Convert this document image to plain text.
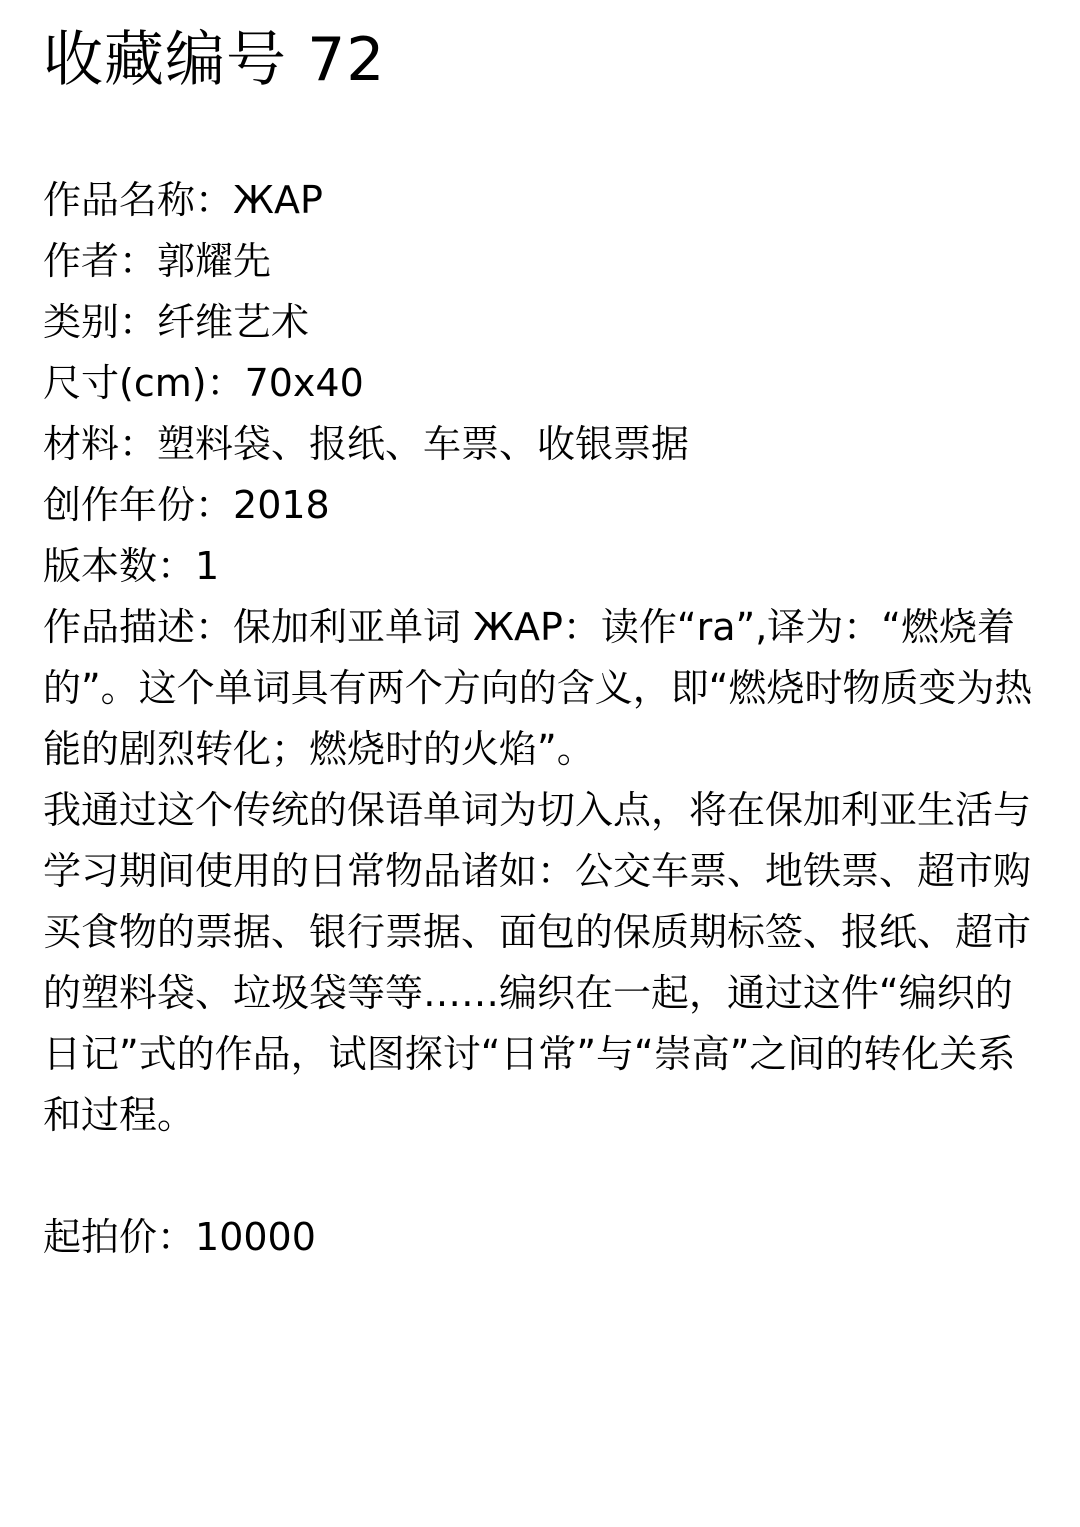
收藏编号 72
作品名称：ЖАР
作者：郭耀先
类别：纤维艺术
尺寸(cm)：70x40
材料：塑料袋、报纸、车票、收银票据
创作年份：2018
版本数：1

作品描述：保加利亚单词 ЖАР：读作“ra”,译为：“燃烧着的”。这个单词具有两个方向的含义，即“燃烧时物质变为热能的剧烈转化；燃烧时的火焰”。

我通过这个传统的保语单词为切入点，将在保加利亚生活与学习期间使用的日常物品诸如：公交车票、地铁票、超市购买食物的票据、银行票据、面包的保质期标签、报纸、超市的塑料袋、垃圾袋等等……编织在一起，通过这件“编织的日记”式的作品，试图探讨“日常”与“崇高”之间的转化关系和过程。

起拍价：10000
